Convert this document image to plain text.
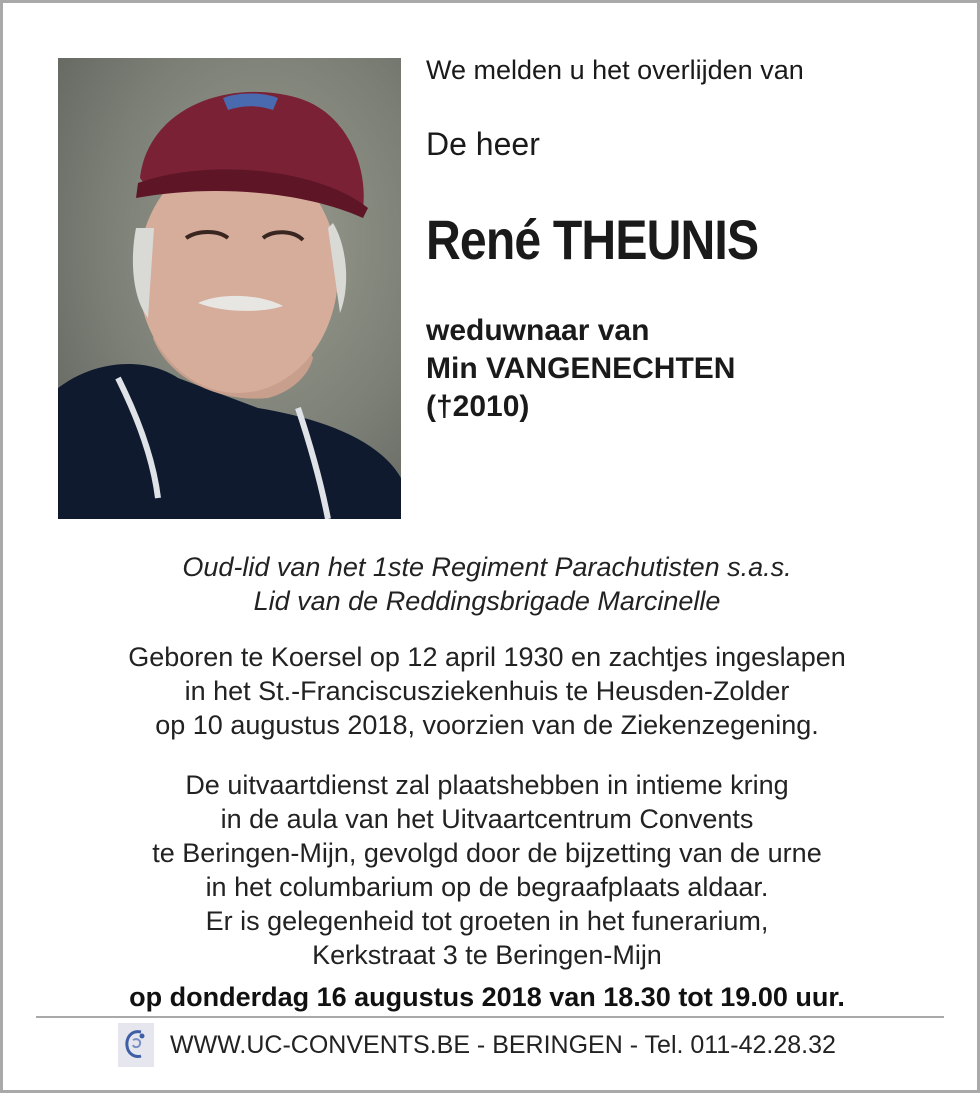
We melden u het overlijden van
De heer
René THEUNIS
weduwnaar van
Min VANGENECHTEN
(†2010)
Oud-lid van het 1ste Regiment Parachutisten s.a.s.
Lid van de Reddingsbrigade Marcinelle
Geboren te Koersel op 12 april 1930 en zachtjes ingeslapen
in het St.-Franciscusziekenhuis te Heusden-Zolder
op 10 augustus 2018, voorzien van de Ziekenzegening.
De uitvaartdienst zal plaatshebben in intieme kring
in de aula van het Uitvaartcentrum Convents
te Beringen-Mijn, gevolgd door de bijzetting van de urne
in het columbarium op de begraafplaats aldaar.
Er is gelegenheid tot groeten in het funerarium,
Kerkstraat 3 te Beringen-Mijn
op donderdag 16 augustus 2018 van 18.30 tot 19.00 uur.
WWW.UC-CONVENTS.BE - BERINGEN - Tel. 011-42.28.32
